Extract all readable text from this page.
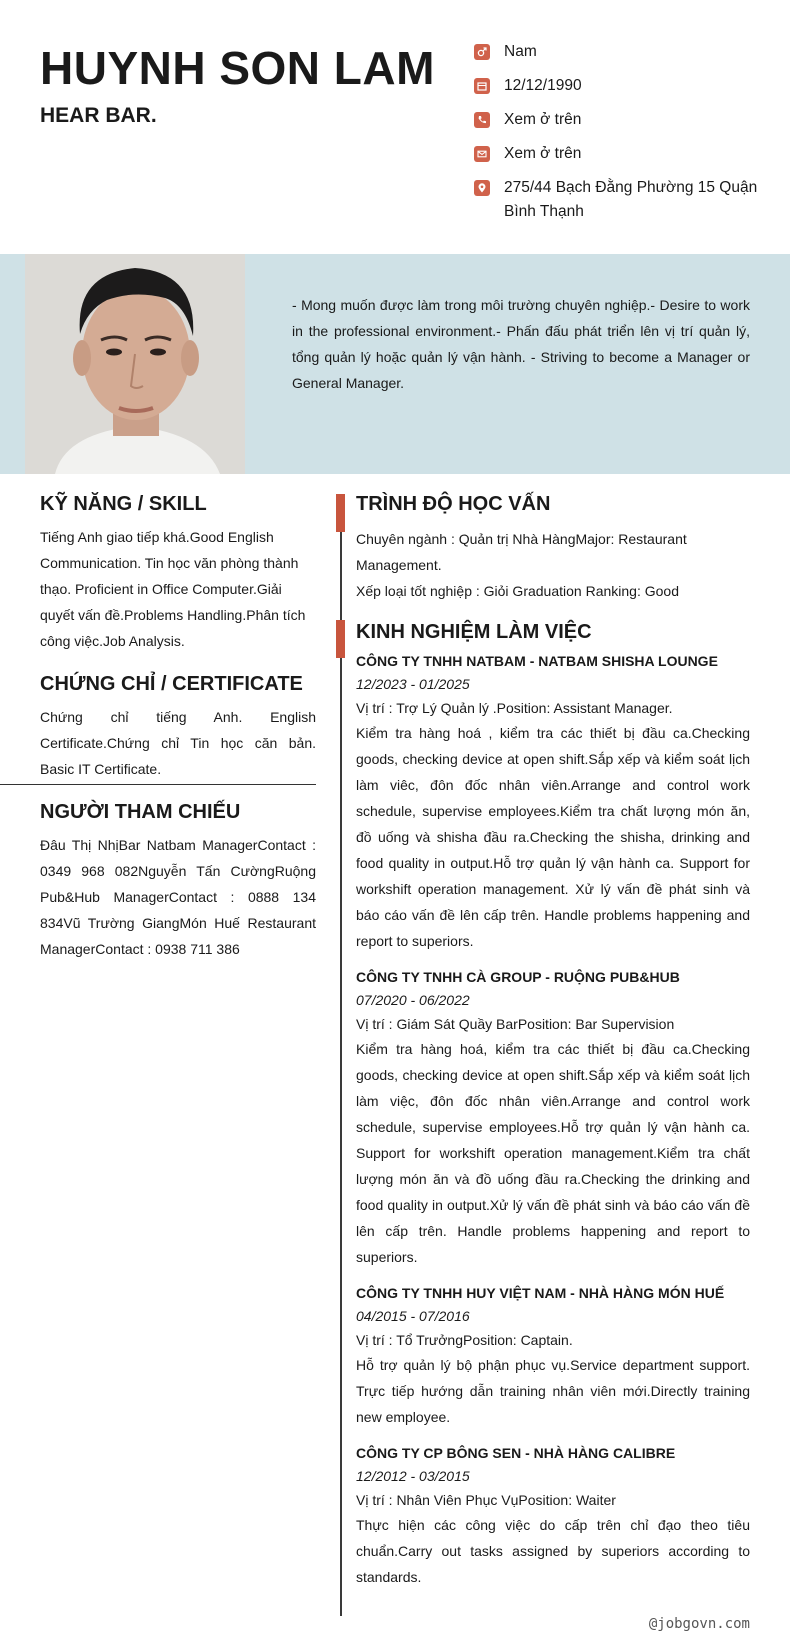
HUYNH SON LAM
HEAR BAR.
Nam
12/12/1990
Xem ở trên
Xem ở trên
275/44 Bạch Đằng Phường 15 Quận Bình Thạnh

- Mong muốn được làm trong môi trường chuyên nghiệp.- Desire to work in the professional environment.- Phấn đấu phát triển lên vị trí quản lý, tổng quản lý hoặc quản lý vận hành. - Striving to become a Manager or General Manager.

KỸ NĂNG / SKILL

Tiếng Anh giao tiếp khá.Good English Communication. Tin học văn phòng thành thạo. Proficient in Office Computer.Giải quyết vấn đề.Problems Handling.Phân tích công việc.Job Analysis.

CHỨNG CHỈ / CERTIFICATE

Chứng chỉ tiếng Anh. English Certificate.Chứng chỉ Tin học căn bản. Basic IT Certificate.

NGƯỜI THAM CHIẾU

Đâu Thị NhịBar Natbam ManagerContact : 0349 968 082Nguyễn Tấn CườngRuộng Pub&Hub ManagerContact : 0888 134 834Vũ Trường GiangMón Huế Restaurant ManagerContact : 0938 711 386

TRÌNH ĐỘ HỌC VẤN

Chuyên ngành : Quản trị Nhà HàngMajor: Restaurant Management.

Xếp loại tốt nghiệp : Giỏi Graduation Ranking: Good

KINH NGHIỆM LÀM VIỆC

CÔNG TY TNHH NATBAM - NATBAM SHISHA LOUNGE

12/2023 - 01/2025

Vị trí : Trợ Lý Quản lý .Position: Assistant Manager.

Kiểm tra hàng hoá , kiểm tra các thiết bị đầu ca.Checking goods, checking device at open shift.Sắp xếp và kiểm soát lịch làm viêc, đôn đốc nhân viên.Arrange and control work schedule, supervise employees.Kiểm tra chất lượng món ăn, đồ uống và shisha đầu ra.Checking the shisha, drinking and food quality in output.Hỗ trợ quản lý vận hành ca. Support for workshift operation management. Xử lý vấn đề phát sinh và báo cáo vấn đề lên cấp trên. Handle problems happening and report to superiors.

CÔNG TY TNHH CÀ GROUP - RUỘNG PUB&HUB

07/2020 - 06/2022

Vị trí : Giám Sát Quầy BarPosition: Bar Supervision

Kiểm tra hàng hoá, kiểm tra các thiết bị đầu ca.Checking goods, checking device at open shift.Sắp xếp và kiểm soát lịch làm việc, đôn đốc nhân viên.Arrange and control work schedule, supervise employees.Hỗ trợ quản lý vận hành ca. Support for workshift operation management.Kiểm tra chất lượng món ăn và đồ uống đầu ra.Checking the drinking and food quality in output.Xử lý vấn đề phát sinh và báo cáo vấn đề lên cấp trên. Handle problems happening and report to superiors.

CÔNG TY TNHH HUY VIỆT NAM - NHÀ HÀNG MÓN HUẾ

04/2015 - 07/2016

Vị trí : Tổ TrưởngPosition: Captain.

Hỗ trợ quản lý bộ phận phục vụ.Service department support. Trực tiếp hướng dẫn training nhân viên mới.Directly training new employee.

CÔNG TY CP BÔNG SEN - NHÀ HÀNG CALIBRE

12/2012 - 03/2015

Vị trí : Nhân Viên Phục VụPosition: Waiter

Thực hiện các công việc do cấp trên chỉ đạo theo tiêu chuẩn.Carry out tasks assigned by superiors according to standards.

@jobgovn.com
